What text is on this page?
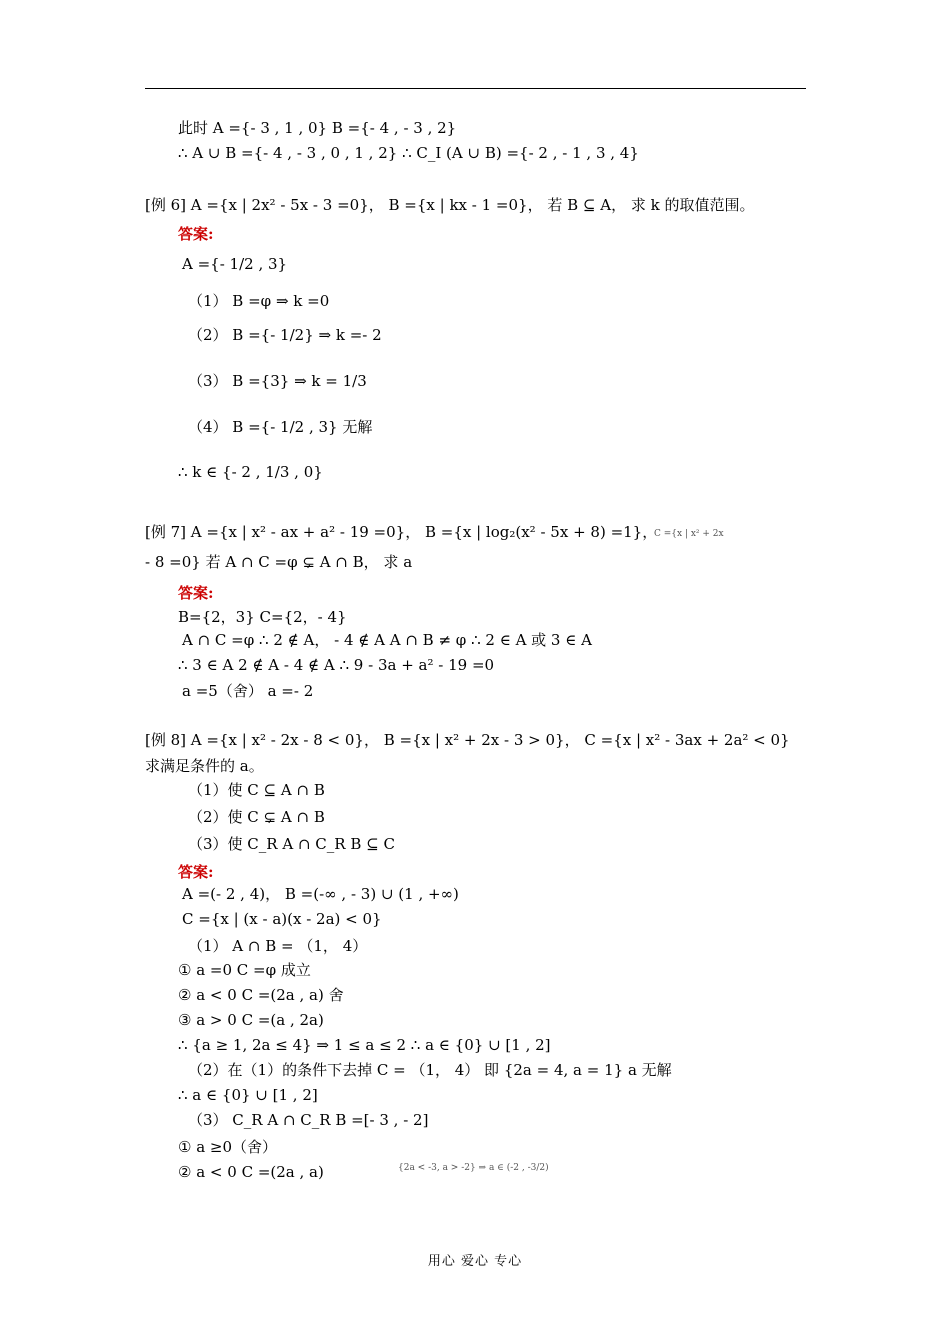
此时 A ={- 3 , 1 , 0} B ={- 4 , - 3 , 2}
∴ A ∪ B ={- 4 , - 3 , 0 , 1 , 2} ∴ C_I (A ∪ B) ={- 2 , - 1 , 3 , 4}
[例 6] A ={x | 2x² - 5x - 3 =0}， B ={x | kx - 1 =0}， 若 B ⊆ A， 求 k 的取值范围。
答案:
A ={- 1/2 , 3}
（1） B =φ ⇒ k =0
（2） B ={- 1/2} ⇒ k =- 2
（3） B ={3} ⇒ k = 1/3
（4） B ={- 1/2 , 3} 无解
∴ k ∈ {- 2 , 1/3 , 0}
[例 7] A ={x | x² - ax + a² - 19 =0}， B ={x | log₂(x² - 5x + 8) =1}，
C ={x | x² + 2x
- 8 =0} 若 A ∩ C =φ ⊊ A ∩ B， 求 a
答案:
B={2，3} C={2，- 4}
A ∩ C =φ ∴ 2 ∉ A， - 4 ∉ A A ∩ B ≠ φ ∴ 2 ∈ A 或 3 ∈ A
∴ 3 ∈ A 2 ∉ A - 4 ∉ A ∴ 9 - 3a + a² - 19 =0
a =5（舍） a =- 2
[例 8] A ={x | x² - 2x - 8 < 0}， B ={x | x² + 2x - 3 > 0}， C ={x | x² - 3ax + 2a² < 0}
求满足条件的 a。
（1）使 C ⊆ A ∩ B
（2）使 C ⊊ A ∩ B
（3）使 C_R A ∩ C_R B ⊆ C
答案:
A =(- 2 , 4)， B =(-∞ , - 3) ∪ (1 , +∞)
C ={x | (x - a)(x - 2a) < 0}
（1） A ∩ B = （1， 4）
① a =0 C =φ 成立
② a < 0 C =(2a , a) 舍
③ a > 0 C =(a , 2a)
∴ {a ≥ 1, 2a ≤ 4} ⇒ 1 ≤ a ≤ 2 ∴ a ∈ {0} ∪ [1 , 2]
（2）在（1）的条件下去掉 C = （1， 4） 即 {2a = 4, a = 1} a 无解
∴ a ∈ {0} ∪ [1 , 2]
（3） C_R A ∩ C_R B =[- 3 , - 2]
① a ≥0（舍）
② a < 0 C =(2a , a)	{2a < -3, a > -2} ⇒ a ∈ (-2 , -3/2)
用心 爱心 专心
